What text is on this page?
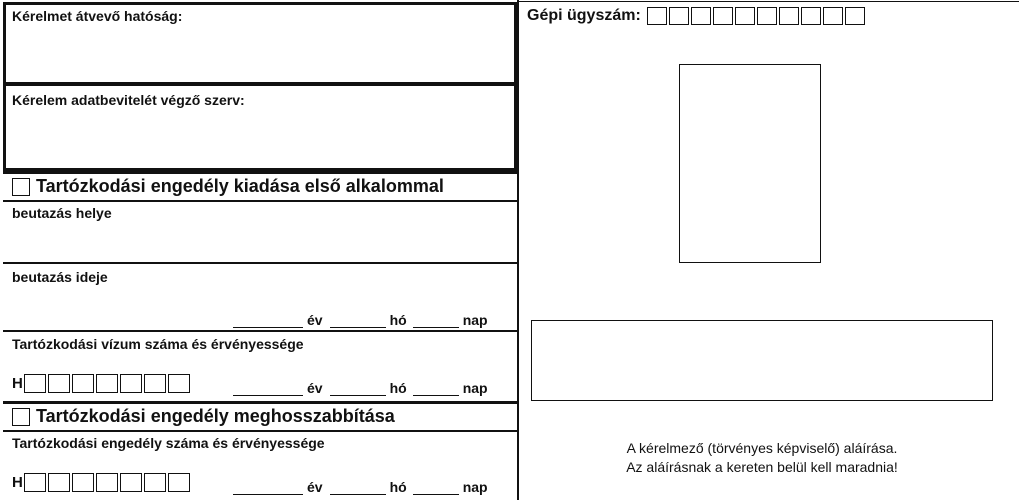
Kérelmet átvevő hatóság:
Kérelem adatbevitelét végző szerv:
Tartózkodási engedély kiadása első alkalommal
beutazás helye
beutazás ideje
év	hó	nap
Tartózkodási vízum száma és érvényessége
H	év	hó	nap
Tartózkodási engedély meghosszabbítása
Tartózkodási engedély száma és érvényessége
H	év	hó	nap
Gépi ügyszám:
A kérelmező (törvényes képviselő) aláírása.
Az aláírásnak a kereten belül kell maradnia!
